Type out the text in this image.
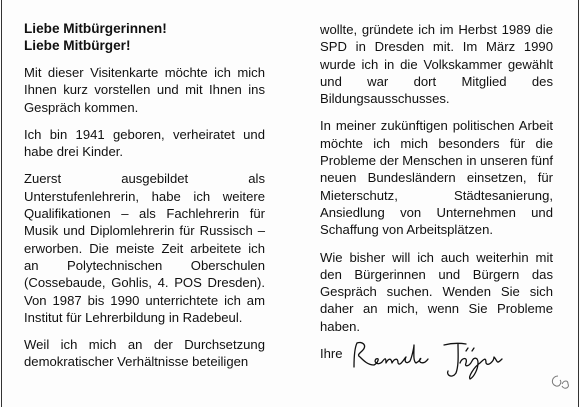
Liebe Mitbürgerinnen!
Liebe Mitbürger!

Mit dieser Visitenkarte möchte ich mich Ihnen kurz vorstellen und mit Ihnen ins Gespräch kommen.

Ich bin 1941 geboren, verheiratet und habe drei Kinder.

Zuerst ausgebildet als Unterstufenlehrerin, habe ich weitere Qualifikationen – als Fachlehrerin für Musik und Diplomlehrerin für Russisch – erworben. Die meiste Zeit arbeitete ich an Polytechnischen Oberschulen (Cossebaude, Gohlis, 4. POS Dresden). Von 1987 bis 1990 unterrichtete ich am Institut für Lehrerbildung in Radebeul.

Weil ich mich an der Durchsetzung demokratischer Verhältnisse beteiligen

wollte, gründete ich im Herbst 1989 die SPD in Dresden mit. Im März 1990 wurde ich in die Volkskammer gewählt und war dort Mitglied des Bildungsausschusses.

In meiner zukünftigen politischen Arbeit möchte ich mich besonders für die Probleme der Menschen in unseren fünf neuen Bundesländern einsetzen, für Mieterschutz, Städtesanierung, Ansiedlung von Unternehmen und Schaffung von Arbeitsplätzen.

Wie bisher will ich auch weiterhin mit den Bürgerinnen und Bürgern das Gespräch suchen. Wenden Sie sich daher an mich, wenn Sie Probleme haben.

Ihre
